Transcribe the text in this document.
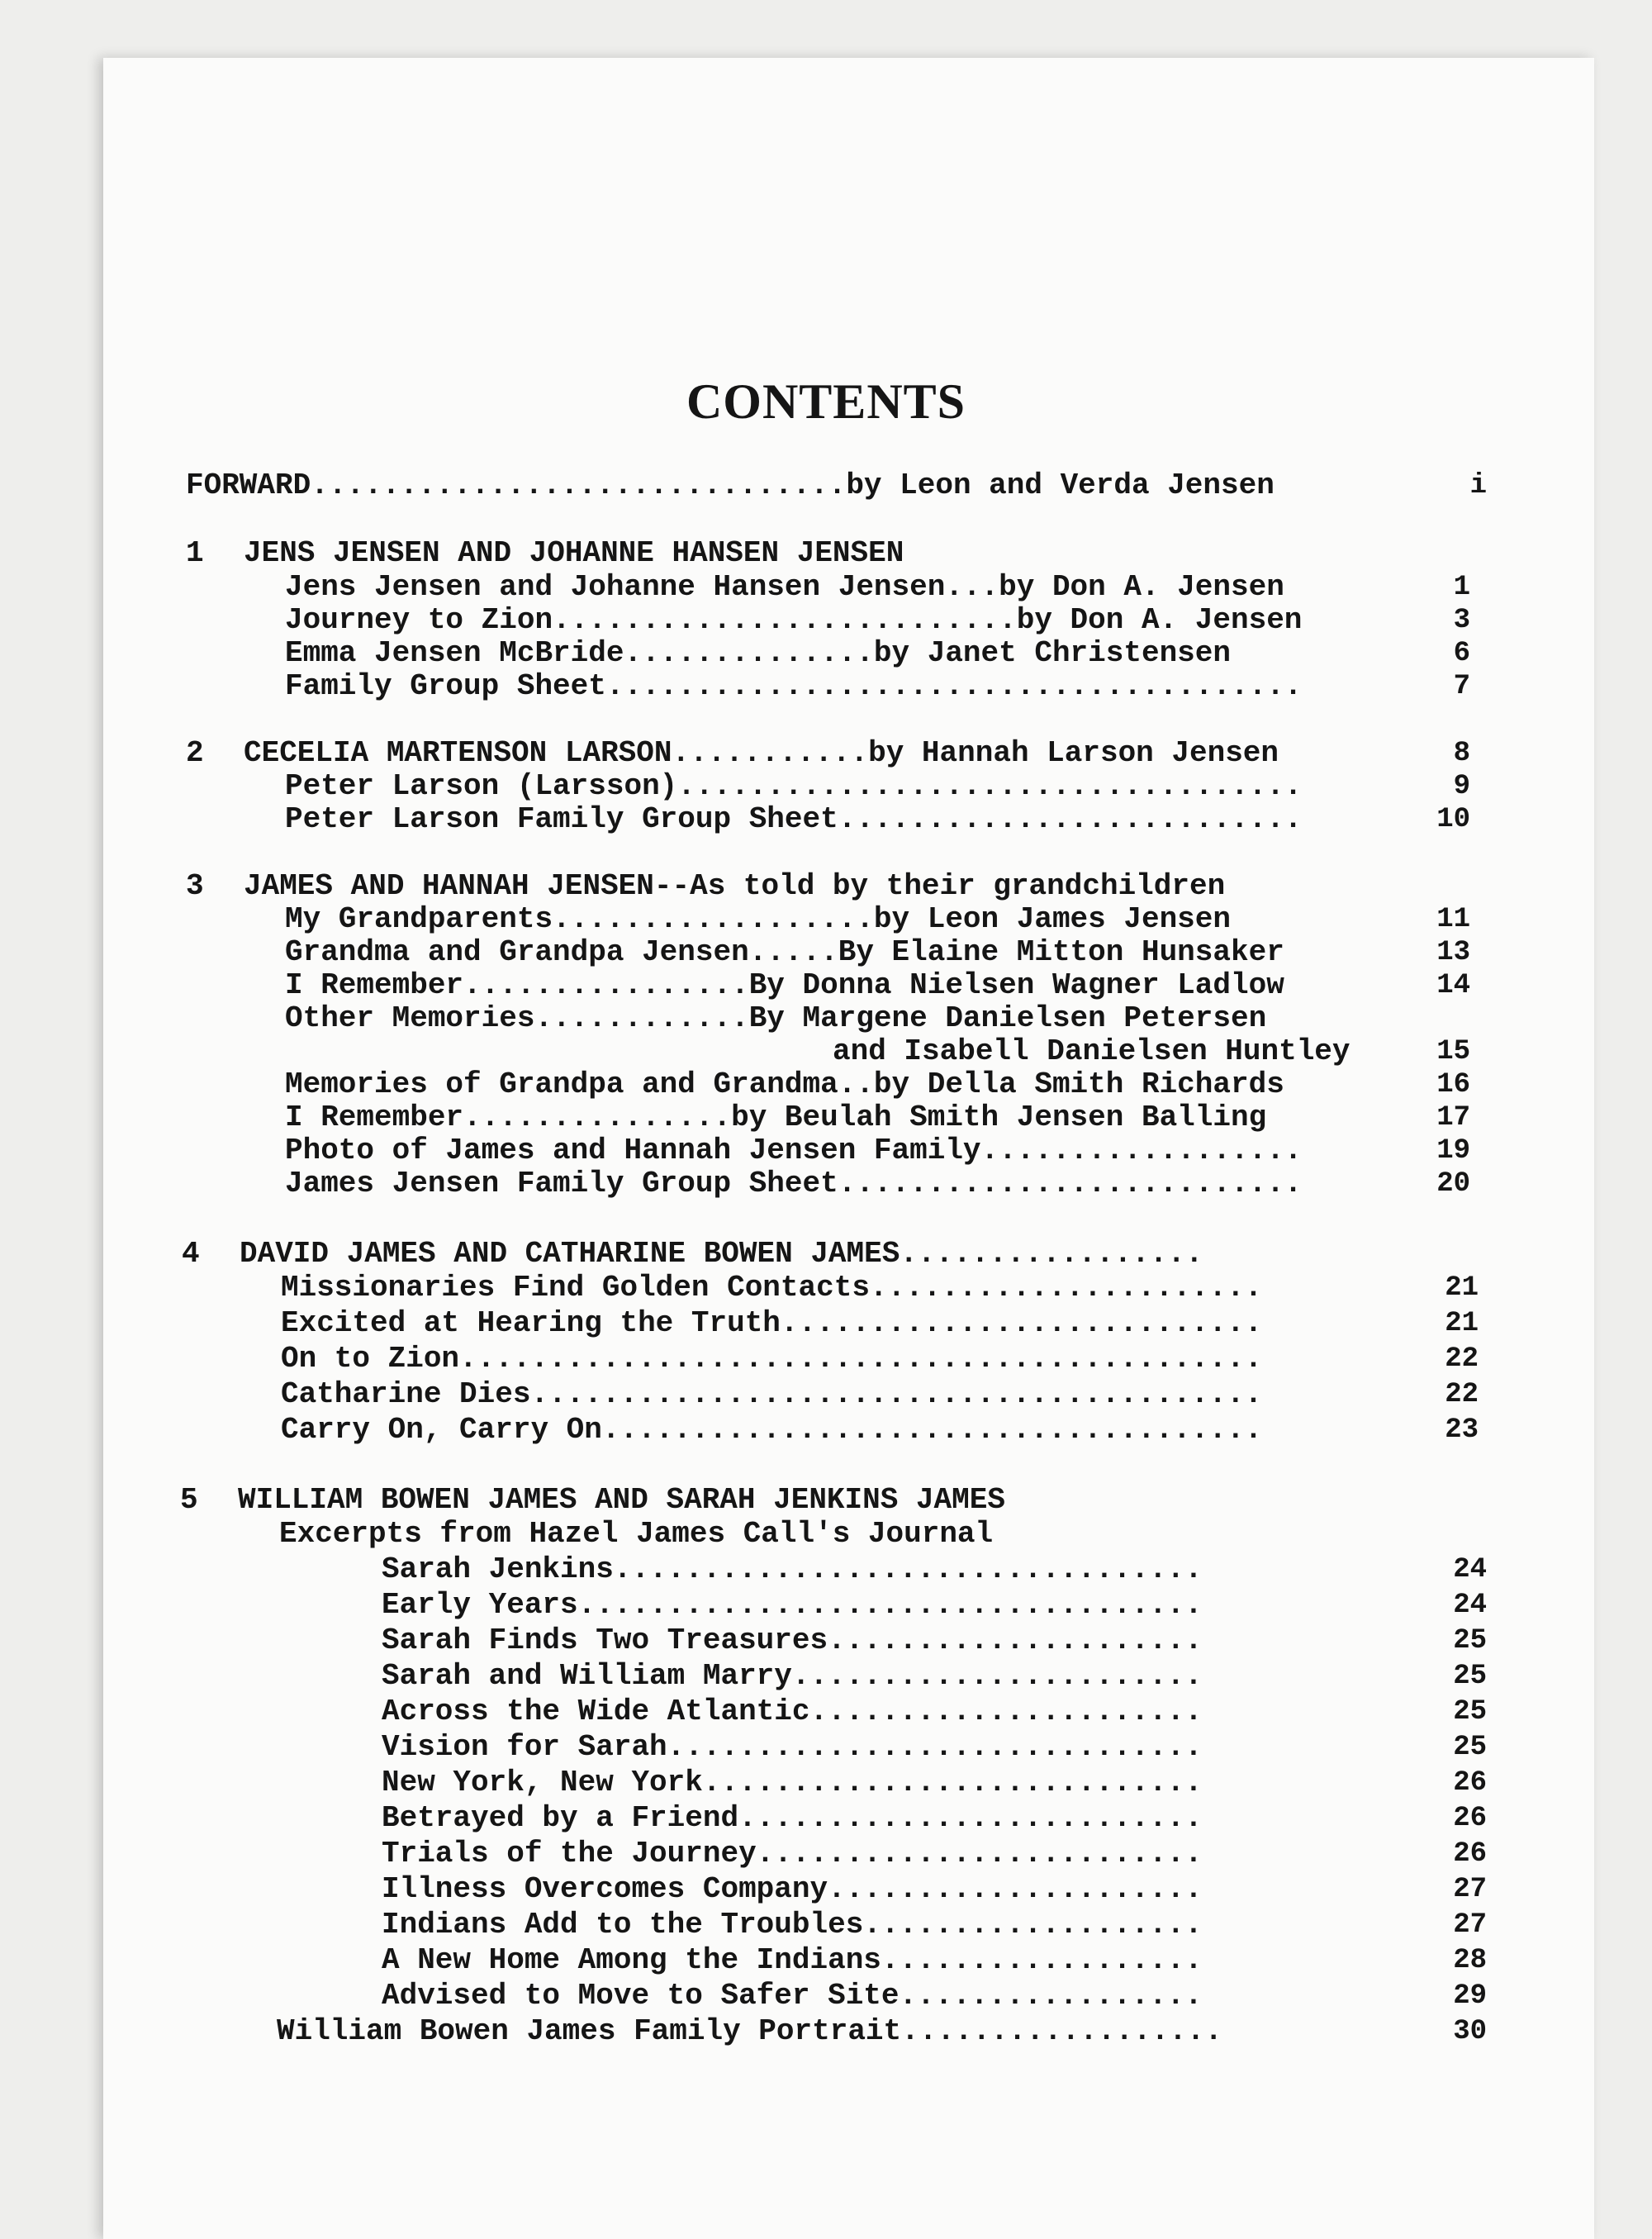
CONTENTS
FORWARD..............................by Leon and Verda Jensen	i
1 JENS JENSEN AND JOHANNE HANSEN JENSEN
Jens Jensen and Johanne Hansen Jensen...by Don A. Jensen	1
Journey to Zion..........................by Don A. Jensen	3
Emma Jensen McBride..............by Janet Christensen	6
Family Group Sheet.......................................	7
2 CECELIA MARTENSON LARSON...........by Hannah Larson Jensen	8
Peter Larson (Larsson)...................................	9
Peter Larson Family Group Sheet..........................	10
3 JAMES AND HANNAH JENSEN--As told by their grandchildren
My Grandparents..................by Leon James Jensen	11
Grandma and Grandpa Jensen.....By Elaine Mitton Hunsaker	13
I Remember................By Donna Nielsen Wagner Ladlow	14
Other Memories............By Margene Danielsen Petersen
and Isabell Danielsen Huntley	15
Memories of Grandpa and Grandma..by Della Smith Richards	16
I Remember...............by Beulah Smith Jensen Balling	17
Photo of James and Hannah Jensen Family..................	19
James Jensen Family Group Sheet..........................	20
4 DAVID JAMES AND CATHARINE BOWEN JAMES.................
Missionaries Find Golden Contacts......................	21
Excited at Hearing the Truth...........................	21
On to Zion.............................................	22
Catharine Dies.........................................	22
Carry On, Carry On.....................................	23
5 WILLIAM BOWEN JAMES AND SARAH JENKINS JAMES
Excerpts from Hazel James Call's Journal
Sarah Jenkins.................................	24
Early Years...................................	24
Sarah Finds Two Treasures.....................	25
Sarah and William Marry.......................	25
Across the Wide Atlantic......................	25
Vision for Sarah..............................	25
New York, New York............................	26
Betrayed by a Friend..........................	26
Trials of the Journey.........................	26
Illness Overcomes Company.....................	27
Indians Add to the Troubles...................	27
A New Home Among the Indians..................	28
Advised to Move to Safer Site.................	29
William Bowen James Family Portrait..................	30
